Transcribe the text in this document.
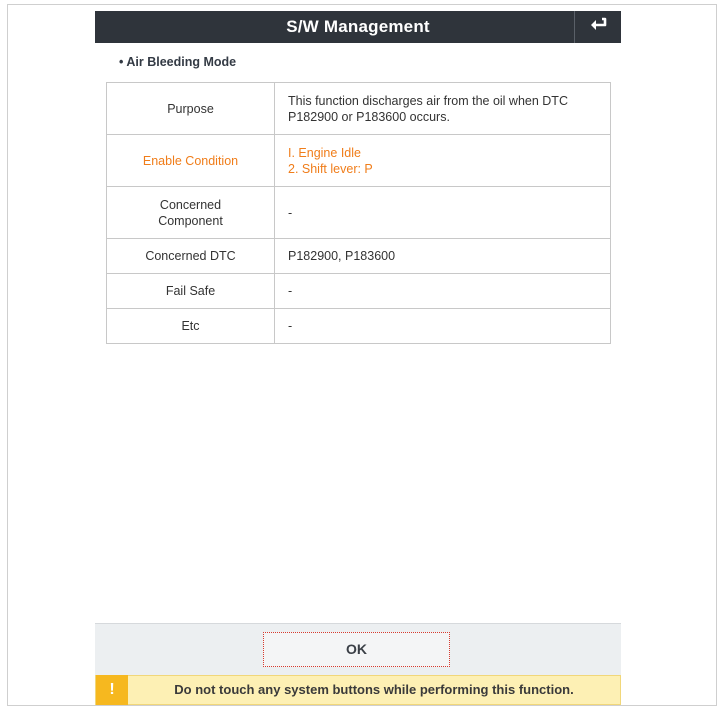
S/W Management
• Air Bleeding Mode
Purpose	This function discharges air from the oil when DTC
P182900 or P183600 occurs.

Enable Condition	I. Engine Idle
2. Shift lever: P

Concerned
Component	-

Concerned DTC	P182900, P183600

Fail Safe	-

Etc	-
OK
!	Do not touch any system buttons while performing this function.
